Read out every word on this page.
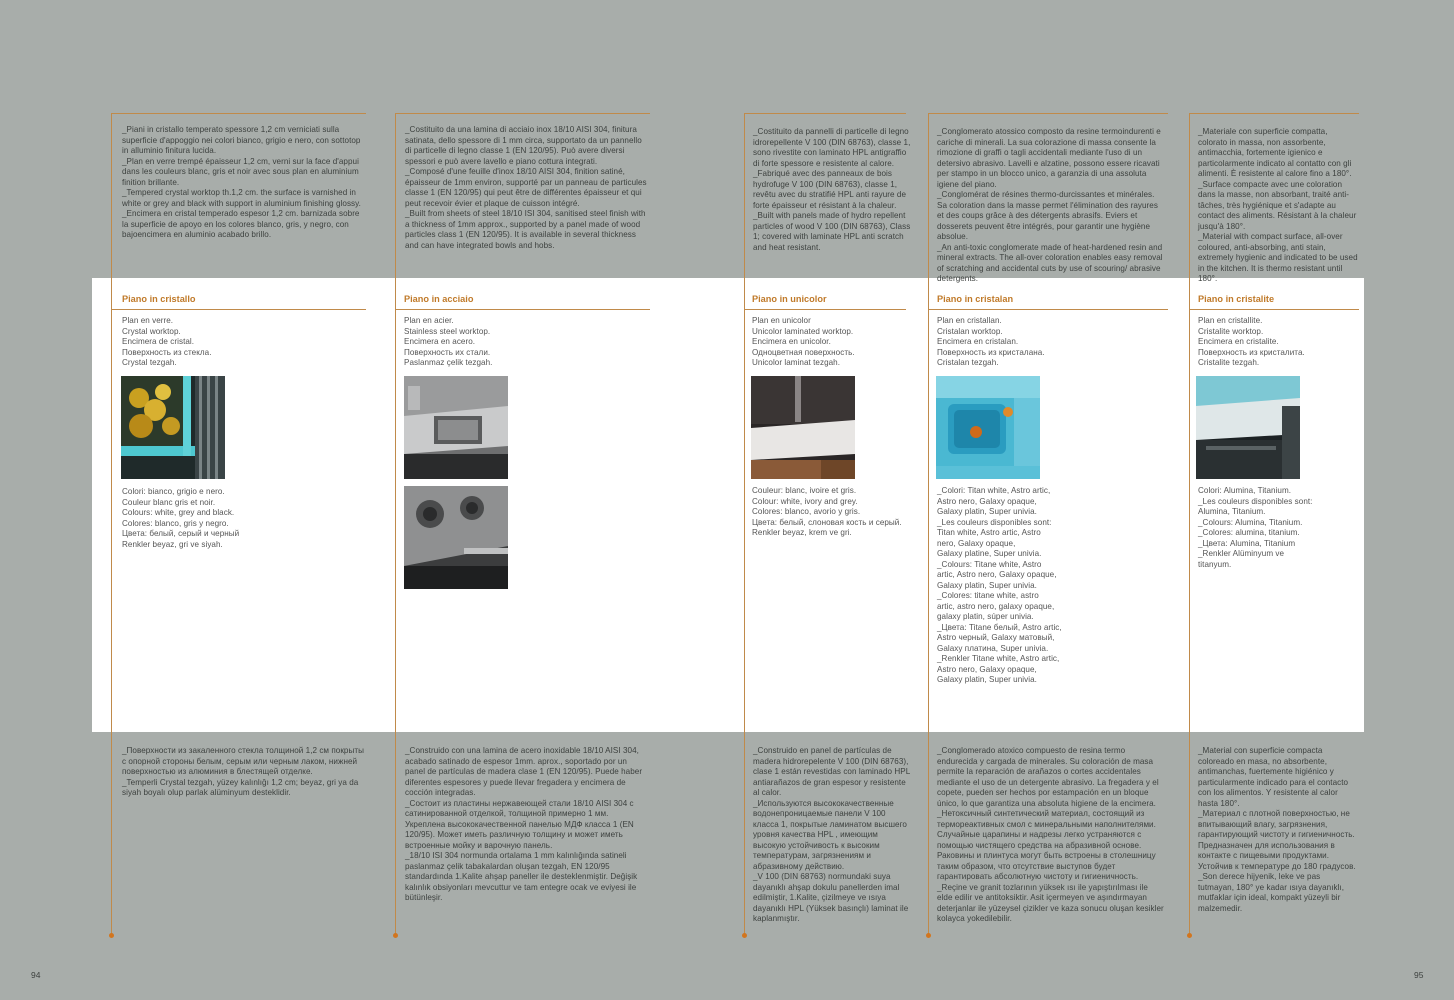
_Piani in cristallo temperato spessore 1,2 cm verniciati sulla superficie d'appoggio nei colori bianco, grigio e nero, con sottotop in alluminio finitura lucida.
_Plan en verre trempé épaisseur 1,2 cm, verni sur la face d'appui dans les couleurs blanc, gris et noir avec sous plan en aluminium finition brillante.
_Tempered crystal worktop th.1,2 cm. the surface is varnished in white or grey and black with support in aluminium finishing glossy.
_Encimera en cristal temperado espesor 1,2 cm. barnizada sobre la superficie de apoyo en los colores blanco, gris, y negro, con bajoencimera en aluminio acabado brillo.

_Costituito da una lamina di acciaio inox 18/10 AISI 304, finitura satinata, dello spessore di 1 mm circa, supportato da un pannello di particelle di legno classe 1 (EN 120/95). Può avere diversi spessori e può avere lavello e piano cottura integrati.
_Composé d'une feuille d'inox 18/10 AISI 304, finition satiné, épaisseur de 1mm environ, supporté par un panneau de particules classe 1 (EN 120/95) qui peut être de différentes épaisseur et qui peut recevoir évier et plaque de cuisson intégré.
_Built from sheets of steel 18/10 ISI 304, sanitised steel finish with a thickness of 1mm approx., supported by a panel made of wood particles class 1 (EN 120/95). It is available in several thickness and can have integrated bowls and hobs.

_Costituito da pannelli di particelle di legno idrorepellente V 100 (DIN 68763), classe 1, sono rivestite con laminato HPL antigraffio di forte spessore e resistente al calore.
_Fabriqué avec des panneaux de bois hydrofuge V 100 (DIN 68763), classe 1, revêtu avec du stratifié HPL anti rayure de forte épaisseur et résistant à la chaleur.
_Built with panels made of hydro repellent particles of wood V 100 (DIN 68763), Class 1; covered with laminate HPL anti scratch and heat resistant.

_Conglomerato atossico composto da resine termoindurenti e cariche di minerali. La sua colorazione di massa consente la rimozione di graffi o tagli accidentali mediante l'uso di un detersivo abrasivo. Lavelli e alzatine, possono essere ricavati per stampo in un blocco unico, a garanzia di una assoluta igiene del piano.
_Conglomérat de résines thermo-durcissantes et minérales. Sa coloration dans la masse permet l'élimination des rayures et des coups grâce à des détergents abrasifs. Eviers et dosserets peuvent être intégrés, pour garantir une hygiène absolue.
_An anti-toxic conglomerate made of heat-hardened resin and mineral extracts. The all-over coloration enables easy removal of scratching and accidental cuts by use of scouring/ abrasive detergents.

_Materiale con superficie compatta, colorato in massa, non assorbente, antimacchia, fortemente igienico e particolarmente indicato al contatto con gli alimenti. È resistente al calore fino a 180°.
_Surface compacte avec une coloration dans la masse, non absorbant, traité anti-tâches, très hygiénique et s'adapte au contact des aliments. Résistant à la chaleur jusqu'à 180°.
_Material with compact surface, all-over coloured, anti-absorbing, anti stain, extremely hygienic and indicated to be used in the kitchen. It is thermo resistant until 180°.

Piano in cristallo	Piano in acciaio	Piano in unicolor	Piano in cristalan	Piano in cristalite

Plan en verre.
Crystal worktop.
Encimera de cristal.
Поверхность из стекла.
Crystal tezgah.

Plan en acier.
Stainless steel worktop.
Encimera en acero.
Поверхность их стали.
Paslanmaz çelik tezgah.

Plan en unicolor
Unicolor laminated worktop.
Encimera en unicolor.
Одноцветная поверхность.
Unicolor laminat tezgah.

Plan en cristallan.
Cristalan worktop.
Encimera en cristalan.
Поверхность из кристалана.
Cristalan tezgah.

Plan en cristallite.
Cristalite worktop.
Encimera en cristalite.
Поверхность из кристалита.
Cristalite tezgah.

Colori: bianco, grigio e nero.
Couleur blanc gris et noir.
Colours: white, grey and black.
Colores: blanco, gris y negro.
Цвета: белый, серый и черный
Renkler beyaz, gri ve siyah.

Couleur: blanc, ivoire et gris.
Colour: white, ivory and grey.
Colores: blanco, avorio y gris.
Цвета: белый, слоновая кость и серый.
Renkler beyaz, krem ve gri.

_Colori: Titan white, Astro artic,
Astro nero, Galaxy opaque,
Galaxy platin, Super univia.
_Les couleurs disponibles sont:
Titan white, Astro artic, Astro
nero, Galaxy opaque,
Galaxy platine, Super univia.
_Colours: Titane white, Astro
artic, Astro nero, Galaxy opaque,
Galaxy platin, Super univia.
_Colores: titane white, astro
artic, astro nero, galaxy opaque,
galaxy platin, súper univia.
_Цвета: Titane белый, Astro artic,
Astro черный, Galaxy матовый,
Galaxy платина, Super univia.
_Renkler Titane white, Astro artic,
Astro nero, Galaxy opaque,
Galaxy platin, Super univia.

Colori: Alumina, Titanium.
_Les couleurs disponibles sont:
Alumina, Titanium.
_Colours: Alumina, Titanium.
_Colores: alumina, titanium.
_Цвета: Alumina, Titanium
_Renkler Alüminyum ve
titanyum.

_Поверхности из закаленного стекла толщиной 1,2 см покрыты с опорной стороны белым, серым или черным лаком, нижней поверхностью из алюминия в блестящей отделке.
_Temperli Crystal tezgah, yüzey kalınlığı 1,2 cm; beyaz, gri ya da siyah boyalı olup parlak alüminyum desteklidir.

_Construido con una lamina de acero inoxidable 18/10 AISI 304, acabado satinado de espesor 1mm. aprox., soportado por un panel de partículas de madera clase 1 (EN 120/95). Puede haber diferentes espesores y puede llevar fregadera y encimera de cocción integradas.
_Состоит из пластины нержавеющей стали 18/10 AISI 304 с сатинированной отделкой, толщиной примерно 1 мм. Укреплена высококачественной панелью МДФ класса 1 (EN 120/95). Может иметь различную толщину и может иметь встроенные мойку и варочную панель.
_18/10 ISI 304 normunda ortalama 1 mm kalınlığında satineli paslanmaz çelik tabakalardan oluşan tezgah, EN 120/95 standardında 1.Kalite ahşap paneller ile desteklenmiştir. Değişik kalınlık obsiyonları mevcuttur ve tam entegre ocak ve eviyesi ile bütünleşir.

_Construido en panel de partículas de madera hidrorepelente V 100 (DIN 68763), clase 1 están revestidas con laminado HPL antiarañazos de gran espesor y resistente al calor.
_Используются высококачественные водонепроницаемые панели V 100 класса 1, покрытые ламинатом высшего уровня качества HPL , имеющим высокую устойчивость к высоким температурам, загрязнениям и абразивному действию.
_V 100 (DIN 68763) normundaki suya dayanıklı ahşap dokulu panellerden imal edilmiştir, 1.Kalite, çizilmeye ve ısıya dayanıklı HPL (Yüksek basınçlı) laminat ile kaplanmıştır.

_Conglomerado atoxico compuesto de resina termo endurecida y cargada de minerales. Su coloración de masa permite la reparación de arañazos o cortes accidentales mediante el uso de un detergente abrasivo. La fregadera y el copete, pueden ser hechos por estampación en un bloque único, lo que garantiza una absoluta higiene de la encimera.
_Нетоксичный синтетический материал, состоящий из термореактивных смол с минеральными наполнителями. Случайные царапины и надрезы легко устраняются с помощью чистящего средства на абразивной основе. Раковины и плинтуса могут быть встроены в столешницу таким образом, что отсутствие выступов будет гарантировать абсолютную чистоту и гигиеничность.
_Reçine ve granit tozlarının yüksek ısı ile yapıştırılması ile elde edilir ve antitoksiktir. Asit içermeyen ve aşındırmayan deterjanlar ile yüzeysel çizikler ve kaza sonucu oluşan kesikler kolayca yokedilebilir.

_Material con superficie compacta coloreado en masa, no absorbente, antimanchas, fuertemente higiénico y particularmente indicado para el contacto con los alimentos. Y resistente al calor hasta 180°.
_Материал с плотной поверхностью, не впитывающий влагу, загрязнения, гарантирующий чистоту и гигиеничность. Предназначен для использования в контакте с пищевыми продуктами. Устойчив к температуре до 180 градусов.
_Son derece hijyenik, leke ve pas tutmayan, 180° ye kadar ısıya dayanıklı, mutfaklar için ideal, kompakt yüzeyli bir malzemedir.

94	95
